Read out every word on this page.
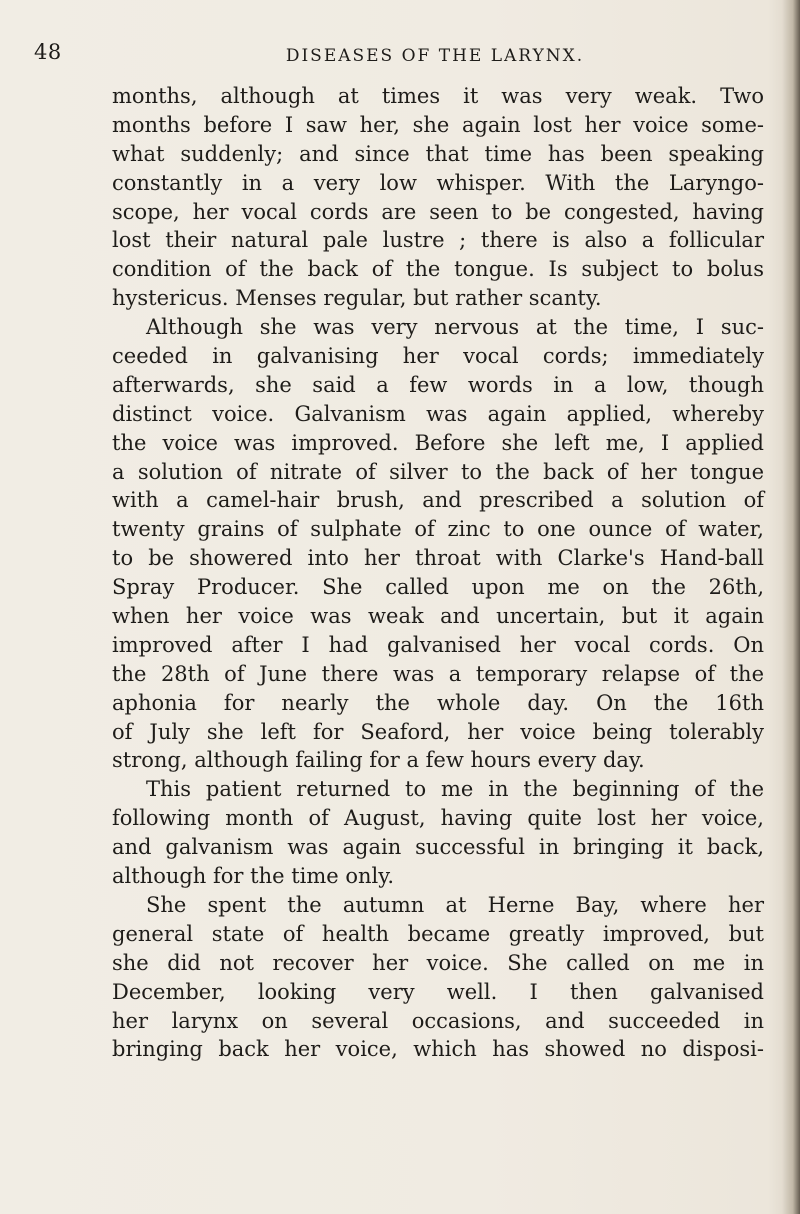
48	DISEASES OF THE LARYNX.
months, although at times it was very weak. Two
months before I saw her, she again lost her voice some-
what suddenly; and since that time has been speaking
constantly in a very low whisper. With the Laryngo-
scope, her vocal cords are seen to be congested, having
lost their natural pale lustre ; there is also a follicular
condition of the back of the tongue. Is subject to bolus
hystericus. Menses regular, but rather scanty.
Although she was very nervous at the time, I suc-
ceeded in galvanising her vocal cords; immediately
afterwards, she said a few words in a low, though
distinct voice. Galvanism was again applied, whereby
the voice was improved. Before she left me, I applied
a solution of nitrate of silver to the back of her tongue
with a camel-hair brush, and prescribed a solution of
twenty grains of sulphate of zinc to one ounce of water,
to be showered into her throat with Clarke's Hand-ball
Spray Producer. She called upon me on the 26th,
when her voice was weak and uncertain, but it again
improved after I had galvanised her vocal cords. On
the 28th of June there was a temporary relapse of the
aphonia for nearly the whole day. On the 16th
of July she left for Seaford, her voice being tolerably
strong, although failing for a few hours every day.
This patient returned to me in the beginning of the
following month of August, having quite lost her voice,
and galvanism was again successful in bringing it back,
although for the time only.
She spent the autumn at Herne Bay, where her
general state of health became greatly improved, but
she did not recover her voice. She called on me in
December, looking very well. I then galvanised
her larynx on several occasions, and succeeded in
bringing back her voice, which has showed no disposi-
